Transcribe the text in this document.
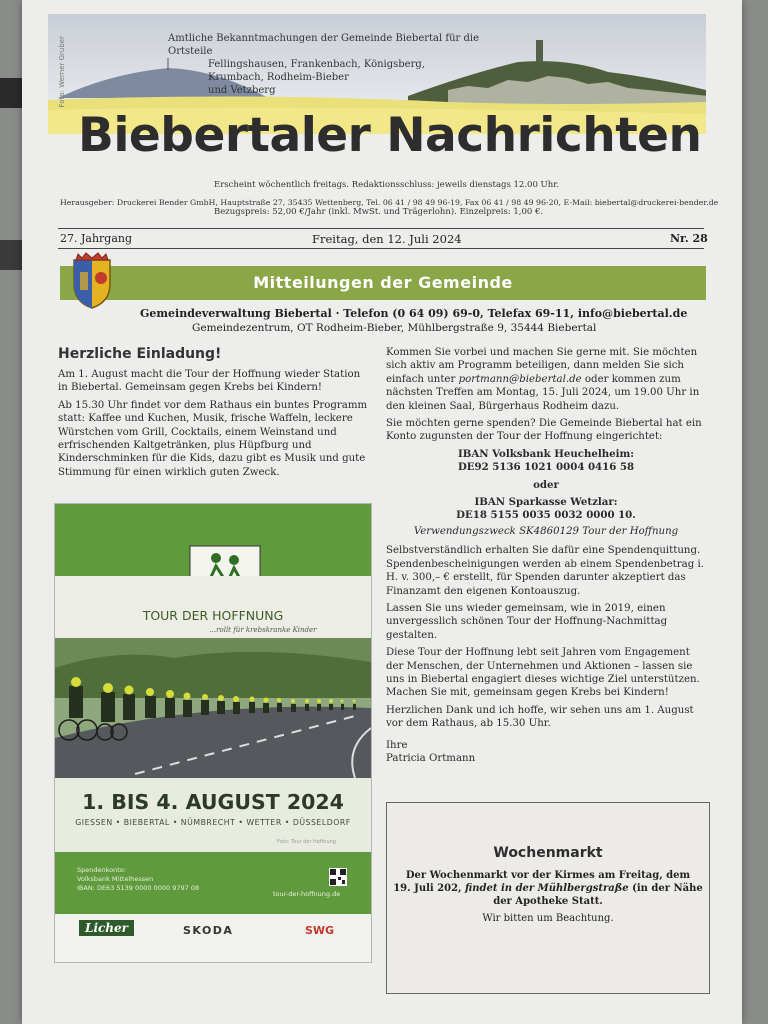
Foto: Werner Gruber	Amtliche Bekanntmachungen der Gemeinde Biebertal für die Ortsteile
Fellingshausen, Frankenbach, Königsberg,
Krumbach, Rodheim-Bieber
und Vetzberg
Biebertaler Nachrichten
Erscheint wöchentlich freitags. Redaktionsschluss: jeweils dienstags 12.00 Uhr.
Herausgeber: Druckerei Bender GmbH, Hauptstraße 27, 35435 Wettenberg, Tel. 06 41 / 98 49 96-19, Fax 06 41 / 98 49 96-20, E-Mail: biebertal@druckerei-bender.de
Bezugspreis: 52,00 €/Jahr (inkl. MwSt. und Trägerlohn). Einzelpreis: 1,00 €.
27. Jahrgang	Freitag, den 12. Juli 2024	Nr. 28
Mitteilungen der Gemeinde
Gemeindeverwaltung Biebertal · Telefon (0 64 09) 69-0, Telefax 69-11, info@biebertal.de
Gemeindezentrum, OT Rodheim-Bieber, Mühlbergstraße 9, 35444 Biebertal
Herzliche Einladung!

Am 1. August macht die Tour der Hoffnung wieder Station in Biebertal. Gemeinsam gegen Krebs bei Kindern!

Ab 15.30 Uhr findet vor dem Rathaus ein buntes Programm statt: Kaffee und Kuchen, Musik, frische Waffeln, leckere Würstchen vom Grill, Cocktails, einem Weinstand und erfrischenden Kaltgetränken, plus Hüpfburg und Kinderschminken für die Kids, dazu gibt es Musik und gute Stimmung für einen wirklich guten Zweck.

Kommen Sie vorbei und machen Sie gerne mit. Sie möchten sich aktiv am Programm beteiligen, dann melden Sie sich einfach unter portmann@biebertal.de oder kommen zum nächsten Treffen am Montag, 15. Juli 2024, um 19.00 Uhr in den kleinen Saal, Bürgerhaus Rodheim dazu.

Sie möchten gerne spenden? Die Gemeinde Biebertal hat ein Konto zugunsten der Tour der Hoffnung eingerichtet:

IBAN Volksbank Heuchelheim:
DE92 5136 1021 0004 0416 58
oder
IBAN Sparkasse Wetzlar:
DE18 5155 0035 0032 0000 10.
Verwendungszweck SK4860129 Tour der Hoffnung

Selbstverständlich erhalten Sie dafür eine Spendenquittung. Spendenbescheinigungen werden ab einem Spendenbetrag i. H. v. 300,– € erstellt, für Spenden darunter akzeptiert das Finanzamt den eigenen Kontoauszug.

Lassen Sie uns wieder gemeinsam, wie in 2019, einen unvergesslich schönen Tour der Hoffnung-Nachmittag gestalten.

Diese Tour der Hoffnung lebt seit Jahren vom Engagement der Menschen, der Unternehmen und Aktionen – lassen sie uns in Biebertal engagiert dieses wichtige Ziel unterstützen. Machen Sie mit, gemeinsam gegen Krebs bei Kindern!

Herzlichen Dank und ich hoffe, wir sehen uns am 1. August vor dem Rathaus, ab 15.30 Uhr.

Ihre
Patricia Ortmann
TOUR DER HOFFNUNG
...rollt für krebskranke Kinder
1. BIS 4. AUGUST 2024
GIESSEN • BIEBERTAL • NÜMBRECHT • WETTER • DÜSSELDORF
Foto: Tour der Hoffnung
Spendenkonto:
Volksbank Mittelhessen
IBAN: DE63 5139 0000 0000 9797 08
tour-der-hoffnung.de
Licher	SKODA	SWG
Wochenmarkt
Der Wochenmarkt vor der Kirmes am Freitag, dem
19. Juli 202, findet in der Mühlbergstraße (in der Nähe
der Apotheke Statt.
Wir bitten um Beachtung.
